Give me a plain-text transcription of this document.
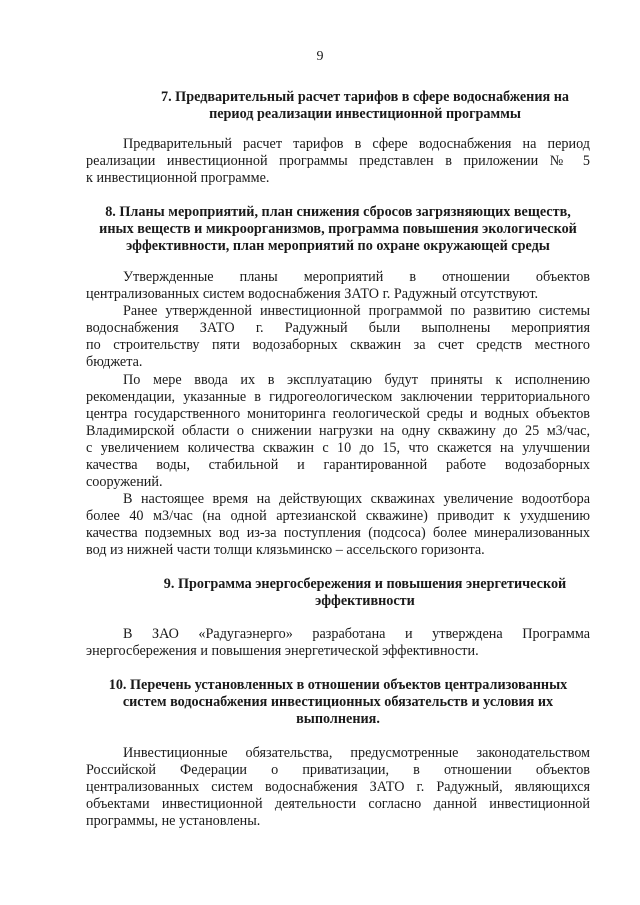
9
7. Предварительный расчет тарифов в сфере водоснабжения на
период реализации инвестиционной программы
Предварительный расчет тарифов в сфере водоснабжения на период
реализации инвестиционной программы представлен в приложении № 5
к инвестиционной программе.
8. Планы мероприятий, план снижения сбросов загрязняющих веществ,
иных веществ и микроорганизмов, программа повышения экологической
эффективности, план мероприятий по охране окружающей среды
Утвержденные планы мероприятий в отношении объектов
централизованных систем водоснабжения ЗАТО г. Радужный отсутствуют.
Ранее утвержденной инвестиционной программой по развитию системы
водоснабжения ЗАТО г. Радужный были выполнены мероприятия
по строительству пяти водозаборных скважин за счет средств местного
бюджета.
По мере ввода их в эксплуатацию будут приняты к исполнению
рекомендации, указанные в гидрогеологическом заключении территориального
центра государственного мониторинга геологической среды и водных объектов
Владимирской области о снижении нагрузки на одну скважину до 25 м3/час,
с увеличением количества скважин с 10 до 15, что скажется на улучшении
качества воды, стабильной и гарантированной работе водозаборных
сооружений.
В настоящее время на действующих скважинах увеличение водоотбора
более 40 м3/час (на одной артезианской скважине) приводит к ухудшению
качества подземных вод из-за поступления (подсоса) более минерализованных
вод из нижней части толщи клязьминско – ассельского горизонта.
9. Программа энергосбережения и повышения энергетической
эффективности
В ЗАО «Радугаэнерго» разработана и утверждена Программа
энергосбережения и повышения энергетической эффективности.
10. Перечень установленных в отношении объектов централизованных
систем водоснабжения инвестиционных обязательств и условия их
выполнения.
Инвестиционные обязательства, предусмотренные законодательством
Российской Федерации о приватизации, в отношении объектов
централизованных систем водоснабжения ЗАТО г. Радужный, являющихся
объектами инвестиционной деятельности согласно данной инвестиционной
программы, не установлены.
